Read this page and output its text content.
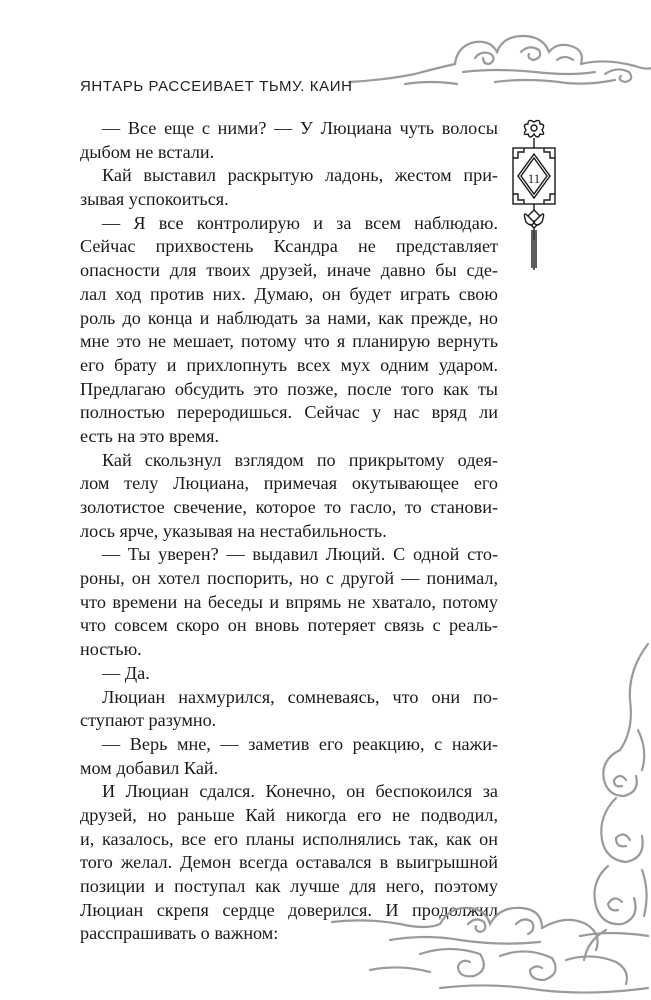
ЯНТАРЬ РАССЕИВАЕТ ТЬМУ. КАИН
11
— Все еще с ними? — У Люциана чуть волосы
дыбом не встали.
Кай выставил раскрытую ладонь, жестом при-
зывая успокоиться.
— Я все контролирую и за всем наблюдаю.
Сейчас прихвостень Ксандра не представляет
опасности для твоих друзей, иначе давно бы сде-
лал ход против них. Думаю, он будет играть свою
роль до конца и наблюдать за нами, как прежде, но
мне это не мешает, потому что я планирую вернуть
его брату и прихлопнуть всех мух одним ударом.
Предлагаю обсудить это позже, после того как ты
полностью переродишься. Сейчас у нас вряд ли
есть на это время.
Кай скользнул взглядом по прикрытому одея-
лом телу Люциана, примечая окутывающее его
золотистое свечение, которое то гасло, то станови-
лось ярче, указывая на нестабильность.
— Ты уверен? — выдавил Люций. С одной сто-
роны, он хотел поспорить, но с другой — понимал,
что времени на беседы и впрямь не хватало, потому
что совсем скоро он вновь потеряет связь с реаль-
ностью.
— Да.
Люциан нахмурился, сомневаясь, что они по-
ступают разумно.
— Верь мне, — заметив его реакцию, с нажи-
мом добавил Кай.
И Люциан сдался. Конечно, он беспокоился за
друзей, но раньше Кай никогда его не подводил,
и, казалось, все его планы исполнялись так, как он
того желал. Демон всегда оставался в выигрышной
позиции и поступал как лучше для него, поэтому
Люциан скрепя сердце доверился. И продолжил
расспрашивать о важном:
